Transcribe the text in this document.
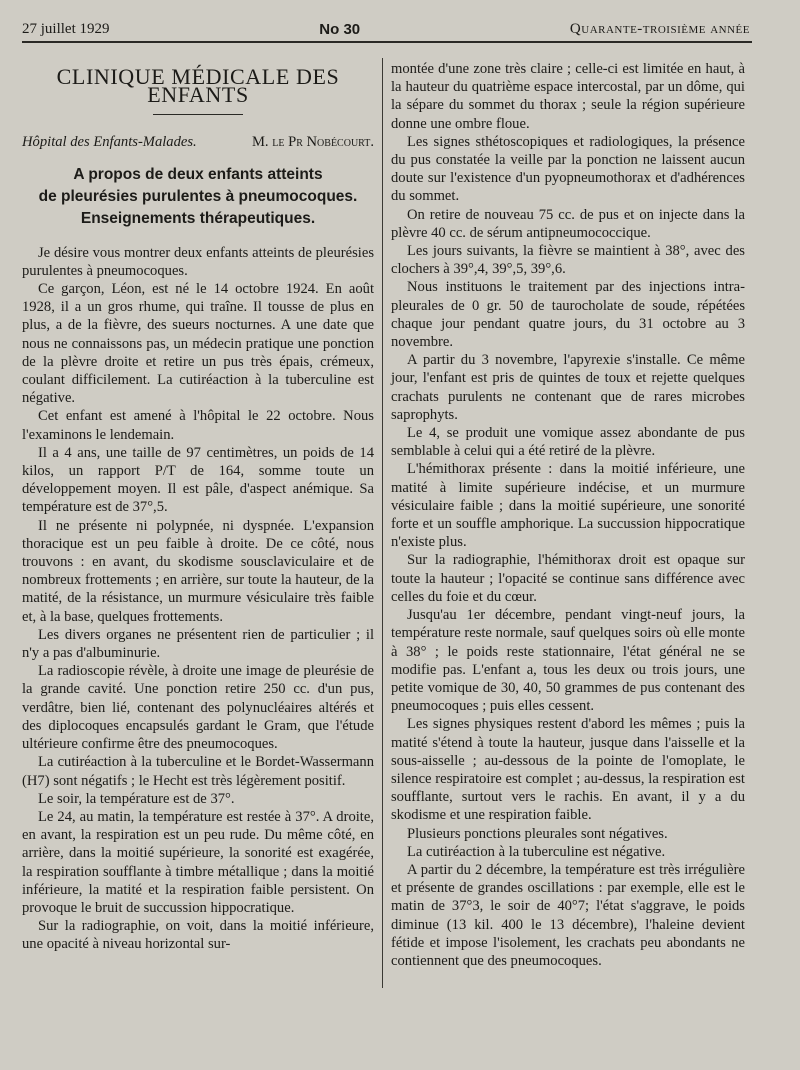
27 juillet 1929	No 30	Quarante-troisième année
CLINIQUE MÉDICALE DES ENFANTS
Hôpital des Enfants-Malades.	M. le Pr Nobécourt.
A propos de deux enfants atteints
de pleurésies purulentes à pneumocoques.
Enseignements thérapeutiques.

Je désire vous montrer deux enfants atteints de pleurésies purulentes à pneumocoques.

Ce garçon, Léon, est né le 14 octobre 1924. En août 1928, il a un gros rhume, qui traîne. Il tousse de plus en plus, a de la fièvre, des sueurs nocturnes. A une date que nous ne connaissons pas, un médecin pratique une ponction de la plèvre droite et retire un pus très épais, crémeux, coulant difficilement. La cutiréaction à la tuberculine est négative.

Cet enfant est amené à l'hôpital le 22 octobre. Nous l'examinons le lendemain.

Il a 4 ans, une taille de 97 centimètres, un poids de 14 kilos, un rapport P/T de 164, somme toute un développement moyen. Il est pâle, d'aspect anémique. Sa température est de 37°,5.

Il ne présente ni polypnée, ni dyspnée. L'expansion thoracique est un peu faible à droite. De ce côté, nous trouvons : en avant, du skodisme sousclaviculaire et de nombreux frottements ; en arrière, sur toute la hauteur, de la matité, de la résistance, un murmure vésiculaire très faible et, à la base, quelques frottements.

Les divers organes ne présentent rien de particulier ; il n'y a pas d'albuminurie.

La radioscopie révèle, à droite une image de pleurésie de la grande cavité. Une ponction retire 250 cc. d'un pus, verdâtre, bien lié, contenant des polynucléaires altérés et des diplocoques encapsulés gardant le Gram, que l'étude ultérieure confirme être des pneumocoques.

La cutiréaction à la tuberculine et le Bordet-Wassermann (H7) sont négatifs ; le Hecht est très légèrement positif.

Le soir, la température est de 37°.

Le 24, au matin, la température est restée à 37°. A droite, en avant, la respiration est un peu rude. Du même côté, en arrière, dans la moitié supérieure, la sonorité est exagérée, la respiration soufflante à timbre métallique ; dans la moitié inférieure, la matité et la respiration faible persistent. On provoque le bruit de succussion hippocratique.

Sur la radiographie, on voit, dans la moitié inférieure, une opacité à niveau horizontal sur-

montée d'une zone très claire ; celle-ci est limitée en haut, à la hauteur du quatrième espace intercostal, par un dôme, qui la sépare du sommet du thorax ; seule la région supérieure donne une ombre floue.

Les signes sthétoscopiques et radiologiques, la présence du pus constatée la veille par la ponction ne laissent aucun doute sur l'existence d'un pyopneumothorax et d'adhérences du sommet.

On retire de nouveau 75 cc. de pus et on injecte dans la plèvre 40 cc. de sérum antipneumococcique.

Les jours suivants, la fièvre se maintient à 38°, avec des clochers à 39°,4, 39°,5, 39°,6.

Nous instituons le traitement par des injections intra-pleurales de 0 gr. 50 de taurocholate de soude, répétées chaque jour pendant quatre jours, du 31 octobre au 3 novembre.

A partir du 3 novembre, l'apyrexie s'installe. Ce même jour, l'enfant est pris de quintes de toux et rejette quelques crachats purulents ne contenant que de rares microbes saprophyts.

Le 4, se produit une vomique assez abondante de pus semblable à celui qui a été retiré de la plèvre.

L'hémithorax présente : dans la moitié inférieure, une matité à limite supérieure indécise, et un murmure vésiculaire faible ; dans la moitié supérieure, une sonorité forte et un souffle amphorique. La succussion hippocratique n'existe plus.

Sur la radiographie, l'hémithorax droit est opaque sur toute la hauteur ; l'opacité se continue sans différence avec celles du foie et du cœur.

Jusqu'au 1er décembre, pendant vingt-neuf jours, la température reste normale, sauf quelques soirs où elle monte à 38° ; le poids reste stationnaire, l'état général ne se modifie pas. L'enfant a, tous les deux ou trois jours, une petite vomique de 30, 40, 50 grammes de pus contenant des pneumocoques ; puis elles cessent.

Les signes physiques restent d'abord les mêmes ; puis la matité s'étend à toute la hauteur, jusque dans l'aisselle et la sous-aisselle ; au-dessous de la pointe de l'omoplate, le silence respiratoire est complet ; au-dessus, la respiration est soufflante, surtout vers le rachis. En avant, il y a du skodisme et une respiration faible.

Plusieurs ponctions pleurales sont négatives.

La cutiréaction à la tuberculine est négative.

A partir du 2 décembre, la température est très irrégulière et présente de grandes oscillations : par exemple, elle est le matin de 37°3, le soir de 40°7; l'état s'aggrave, le poids diminue (13 kil. 400 le 13 décembre), l'haleine devient fétide et impose l'isolement, les crachats peu abondants ne contiennent que des pneumocoques.
